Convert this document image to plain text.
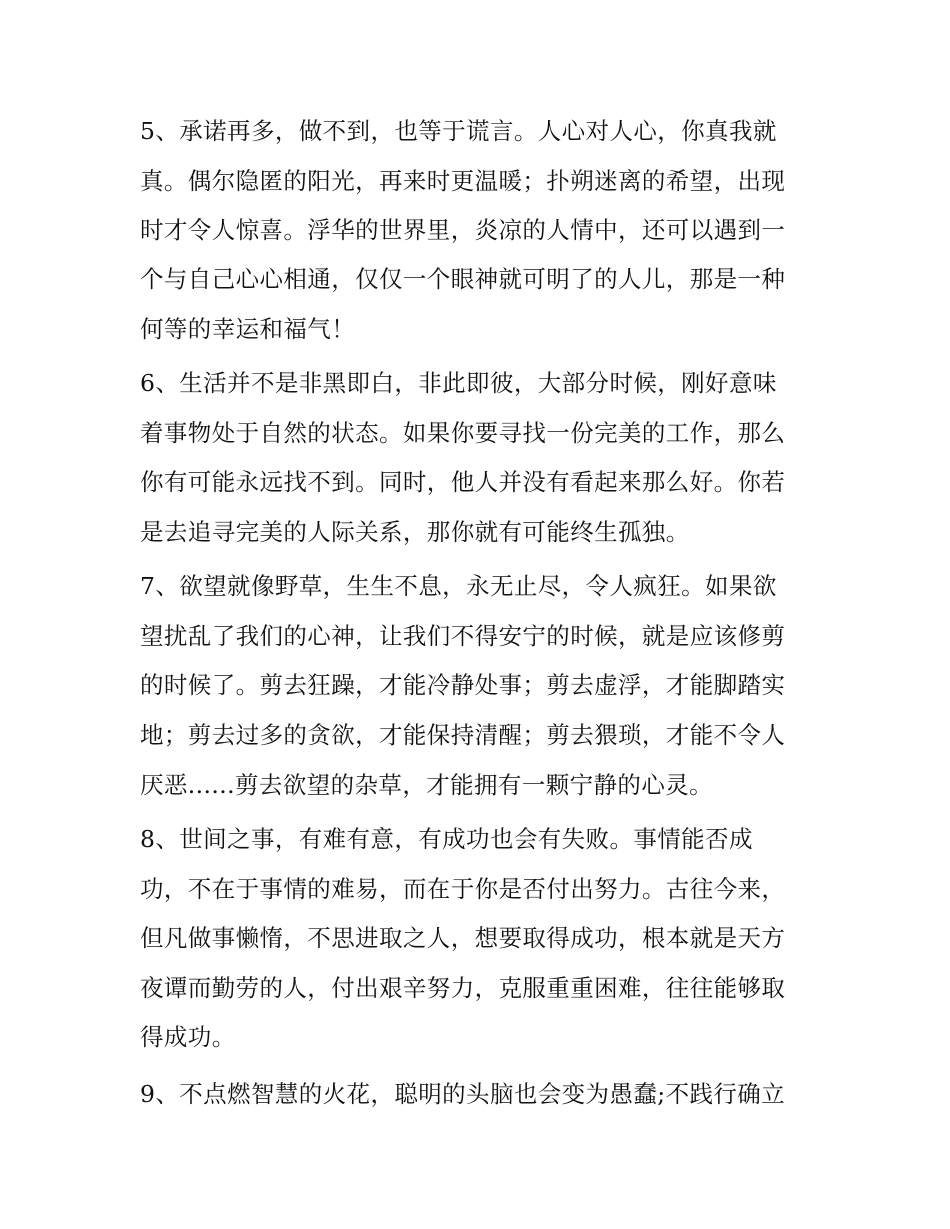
5、承诺再多，做不到，也等于谎言。人心对人心，你真我就
真。偶尔隐匿的阳光，再来时更温暖；扑朔迷离的希望，出现
时才令人惊喜。浮华的世界里，炎凉的人情中，还可以遇到一
个与自己心心相通，仅仅一个眼神就可明了的人儿，那是一种
何等的幸运和福气！
6、生活并不是非黑即白，非此即彼，大部分时候，刚好意味
着事物处于自然的状态。如果你要寻找一份完美的工作，那么
你有可能永远找不到。同时，他人并没有看起来那么好。你若
是去追寻完美的人际关系，那你就有可能终生孤独。
7、欲望就像野草，生生不息，永无止尽，令人疯狂。如果欲
望扰乱了我们的心神，让我们不得安宁的时候，就是应该修剪
的时候了。剪去狂躁，才能冷静处事；剪去虚浮，才能脚踏实
地；剪去过多的贪欲，才能保持清醒；剪去猥琐，才能不令人
厌恶......剪去欲望的杂草，才能拥有一颗宁静的心灵。
8、世间之事，有难有意，有成功也会有失败。事情能否成
功，不在于事情的难易，而在于你是否付出努力。古往今来，
但凡做事懒惰，不思进取之人，想要取得成功，根本就是天方
夜谭而勤劳的人，付出艰辛努力，克服重重困难，往往能够取
得成功。
9、不点燃智慧的火花，聪明的头脑也会变为愚蠢;不践行确立
